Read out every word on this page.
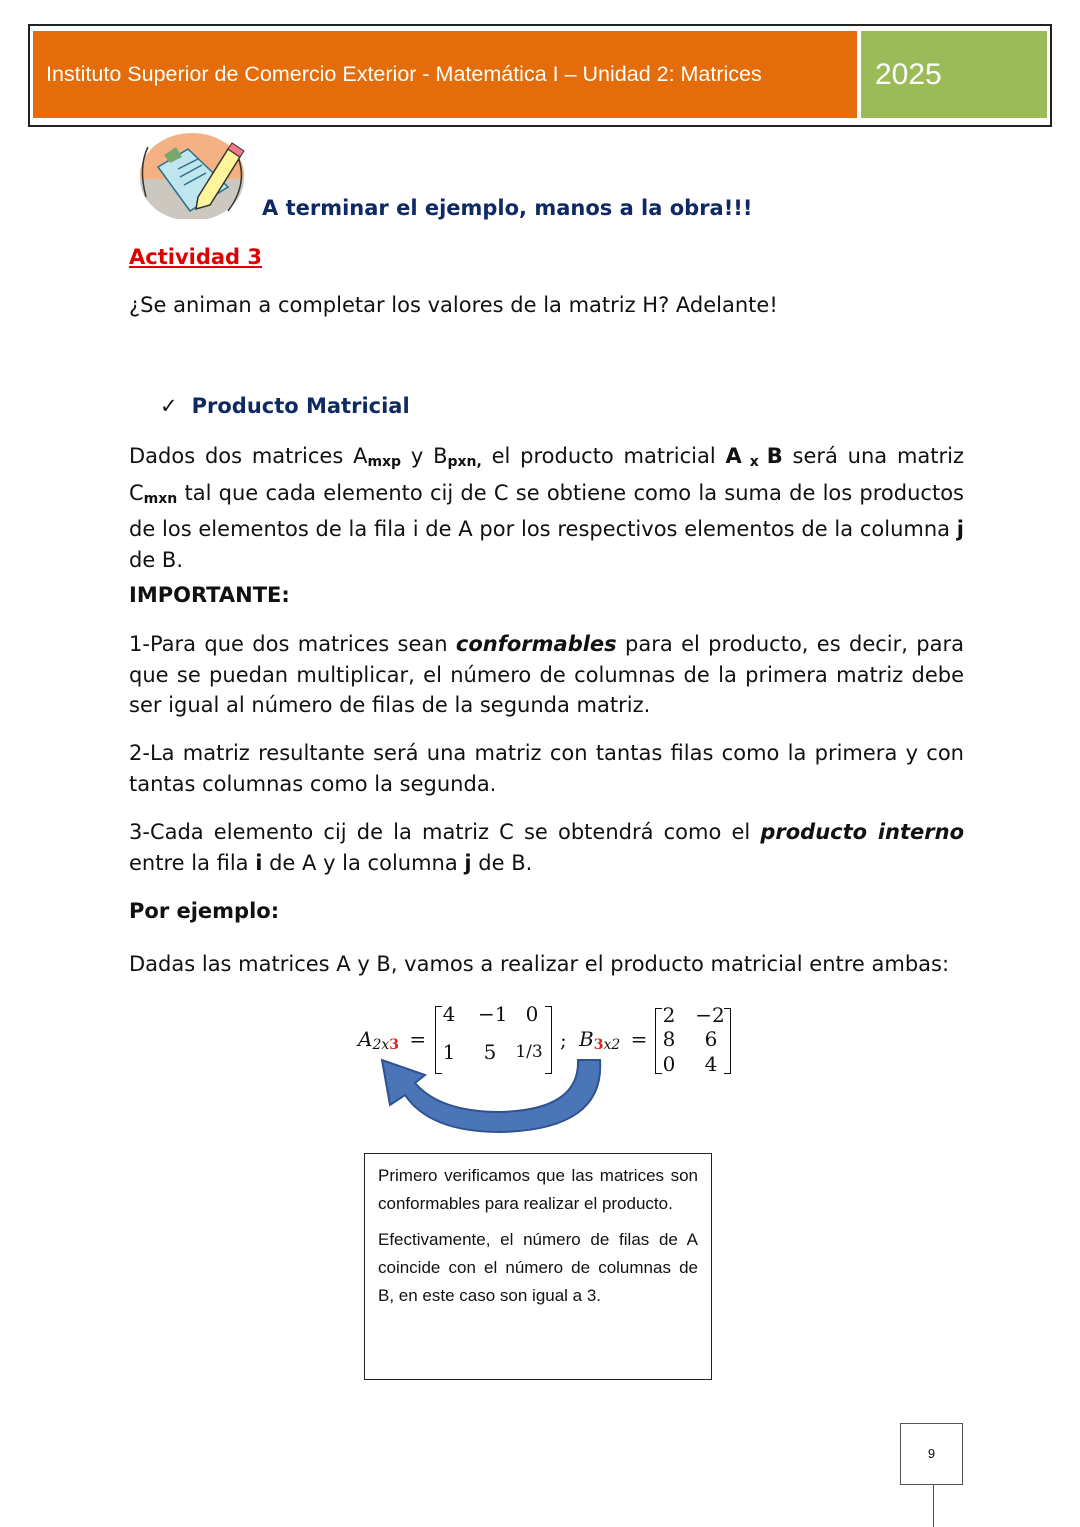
Instituto Superior de Comercio Exterior - Matemática I – Unidad 2: Matrices	2025
A terminar el ejemplo, manos a la obra!!!
Actividad 3
¿Se animan a completar los valores de la matriz H? Adelante!
✓ Producto Matricial
Dados dos matrices $A_{mxp}$ y $B_{pxn,}$ el producto matricial A $_x$ B será una matriz $C_{mxn}$ tal que cada elemento cij de C se obtiene como la suma de los productos de los elementos de la fila i de A por los respectivos elementos de la columna j de B.
IMPORTANTE:
1-Para que dos matrices sean conformables para el producto, es decir, para que se puedan multiplicar, el número de columnas de la primera matriz debe ser igual al número de filas de la segunda matriz.
2-La matriz resultante será una matriz con tantas filas como la primera y con tantas columnas como la segunda.
3-Cada elemento cij de la matriz C se obtendrá como el producto interno entre la fila i de A y la columna j de B.
Por ejemplo:
Dadas las matrices A y B, vamos a realizar el producto matricial entre ambas:
$A_{2x3}$ =
4 −1 0
1 5	1/3 ; $B_{3x2}$ =
2 −2
8 6
0 4

Primero verificamos que las matrices son conformables para realizar el producto.

Efectivamente, el número de filas de A coincide con el número de columnas de B, en este caso son igual a 3.

9
